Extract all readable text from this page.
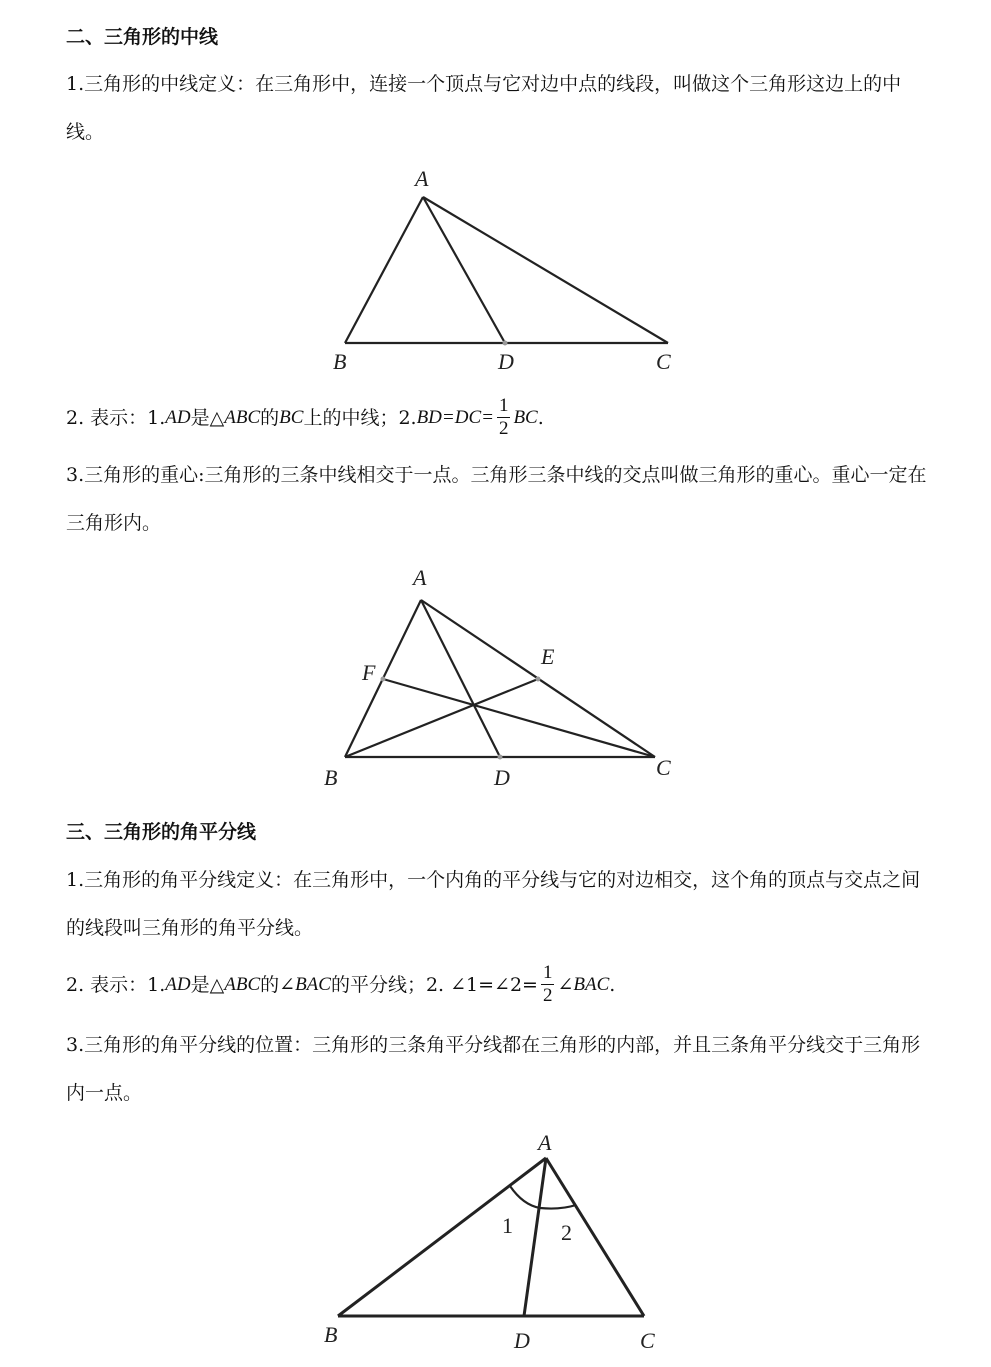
二、三角形的中线

1.三角形的中线定义：在三角形中，连接一个顶点与它对边中点的线段，叫做这个三角形这边上的中线。

2. 表示：1. AD 是△ ABC 的 BC 上的中线；2. $BD=DC= \frac{1}{2}$ BC .

3.三角形的重心:三角形的三条中线相交于一点。三角形三条中线的交点叫做三角形的重心。重心一定在三角形内。

三、三角形的角平分线

1.三角形的角平分线定义：在三角形中，一个内角的平分线与它的对边相交，这个角的顶点与交点之间的线段叫三角形的角平分线。

2. 表示：1. AD 是△ ABC 的∠ BAC 的平分线；2. ∠1=∠2= $\frac{1}{2}$ ∠ BAC .

3.三角形的角平分线的位置：三角形的三条角平分线都在三角形的内部，并且三条角平分线交于三角形内一点。

A
B	D	C
A
E
F
B	D	C
A
1 2
B	D	C
